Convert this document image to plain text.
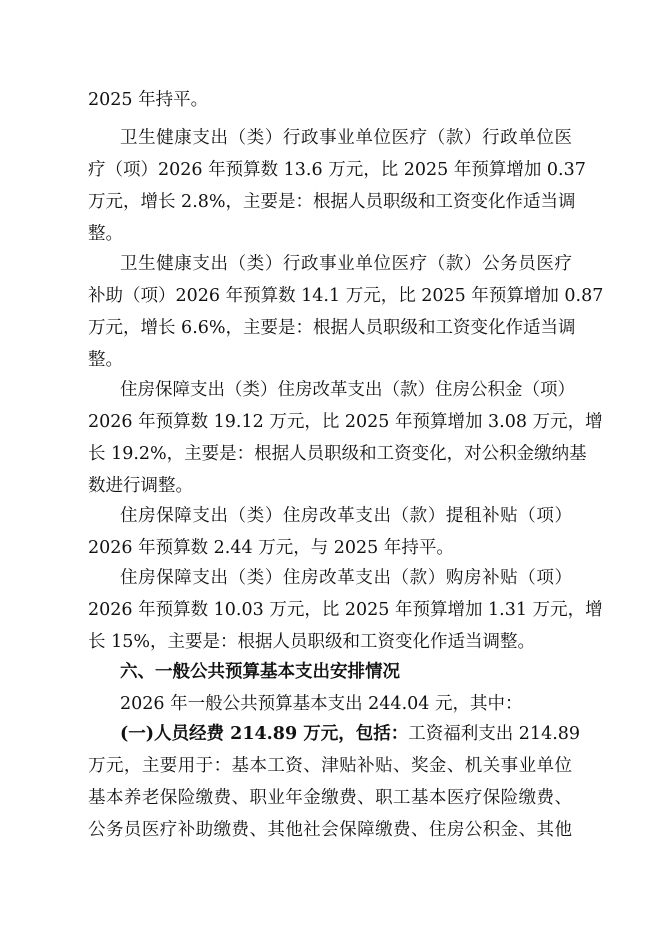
2025 年持平。
卫生健康支出（类）行政事业单位医疗（款）行政单位医
疗（项）2026 年预算数 13.6 万元，比 2025 年预算增加 0.37
万元，增长 2.8%，主要是：根据人员职级和工资变化作适当调
整。
卫生健康支出（类）行政事业单位医疗（款）公务员医疗
补助（项）2026 年预算数 14.1 万元，比 2025 年预算增加 0.87
万元，增长 6.6%，主要是：根据人员职级和工资变化作适当调
整。
住房保障支出（类）住房改革支出（款）住房公积金（项）
2026 年预算数 19.12 万元，比 2025 年预算增加 3.08 万元，增
长 19.2%，主要是：根据人员职级和工资变化，对公积金缴纳基
数进行调整。
住房保障支出（类）住房改革支出（款）提租补贴（项）
2026 年预算数 2.44 万元，与 2025 年持平。
住房保障支出（类）住房改革支出（款）购房补贴（项）
2026 年预算数 10.03 万元，比 2025 年预算增加 1.31 万元，增
长 15%，主要是：根据人员职级和工资变化作适当调整。
六、一般公共预算基本支出安排情况
2026 年一般公共预算基本支出 244.04 元，其中：
(一)人员经费 214.89 万元，包括： 工资福利支出 214.89
万元，主要用于：基本工资、津贴补贴、奖金、机关事业单位
基本养老保险缴费、职业年金缴费、职工基本医疗保险缴费、
公务员医疗补助缴费、其他社会保障缴费、住房公积金、其他
